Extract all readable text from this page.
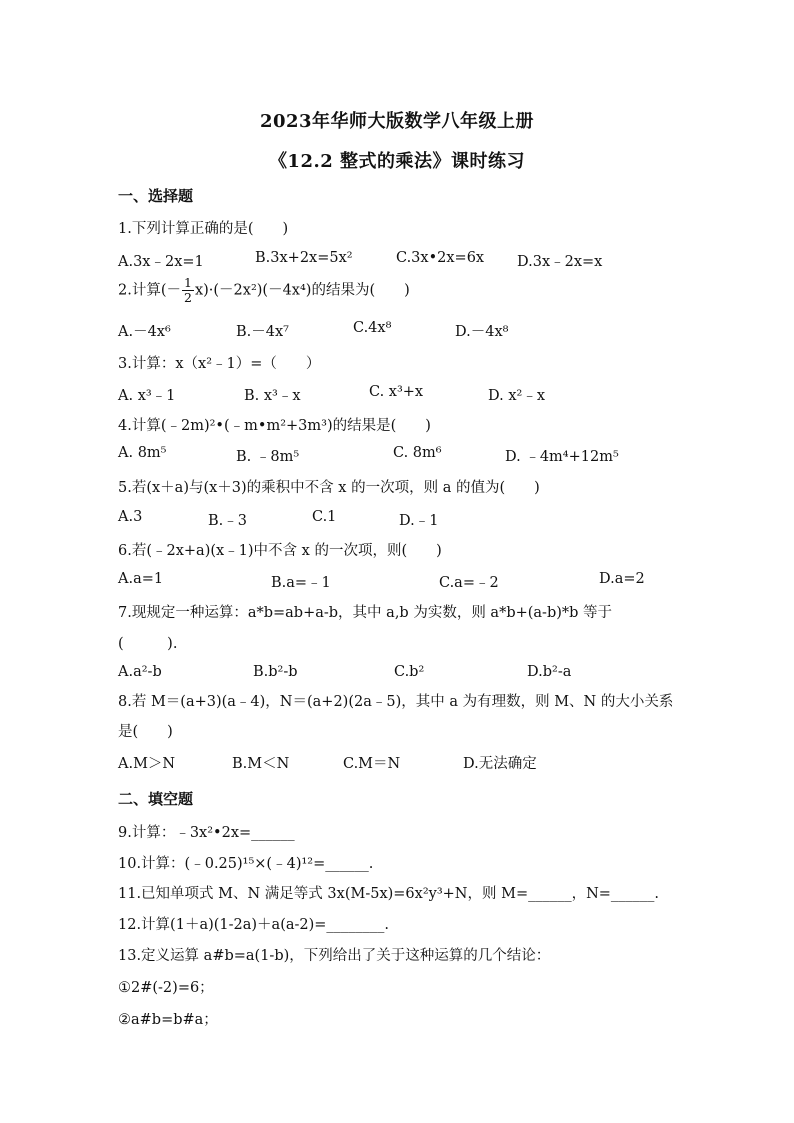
2023年华师大版数学八年级上册
《12.2 整式的乘法》课时练习
一、选择题
1.下列计算正确的是(　　)
A.3x﹣2x=1	B.3x+2x=5x²	C.3x•2x=6x D.3x﹣2x=x
2.计算(－ $\frac{1}{2} x)\cdot(-2x^2)(-4x^4)$的结果为(　　)
A.－4x⁶	B.－4x⁷	C.4x⁸	D.－4x⁸
3.计算：x（x²﹣1）=（　　）
A. x³﹣1	B. x³﹣x	C. x³+x	D. x²﹣x
4.计算(﹣2m)²•(﹣m•m²+3m³)的结果是(　　)
A. 8m⁵	B. ﹣8m⁵	C. 8m⁶	D. ﹣4m⁴+12m⁵
5.若(x＋a)与(x＋3)的乘积中不含 x 的一次项，则 a 的值为(　　)
A.3	B.﹣3	C.1	D.﹣1
6.若(﹣2x+a)(x﹣1)中不含 x 的一次项，则(　　)
A.a=1	B.a=﹣1	C.a=﹣2	D.a=2
7.现规定一种运算：a*b=ab+a-b，其中 a,b 为实数，则 a*b+(a-b)*b 等于
(　　　).
A.a²-b	B.b²-b	C.b²	D.b²-a
8.若 M＝(a+3)(a﹣4)，N＝(a+2)(2a﹣5)，其中 a 为有理数，则 M、N 的大小关系
是(　　)
A.M＞N	B.M＜N	C.M＝N	D.无法确定
二、填空题
9.计算：﹣3x²•2x=______
10.计算：(﹣0.25)¹⁵×(﹣4)¹²=______.
11.已知单项式 M、N 满足等式 3x(M-5x)=6x²y³+N，则 M=______，N=______.
12.计算(1＋a)(1-2a)＋a(a-2)=________.
13.定义运算 a#b=a(1-b)，下列给出了关于这种运算的几个结论：
①2#(-2)=6；
②a#b=b#a；
